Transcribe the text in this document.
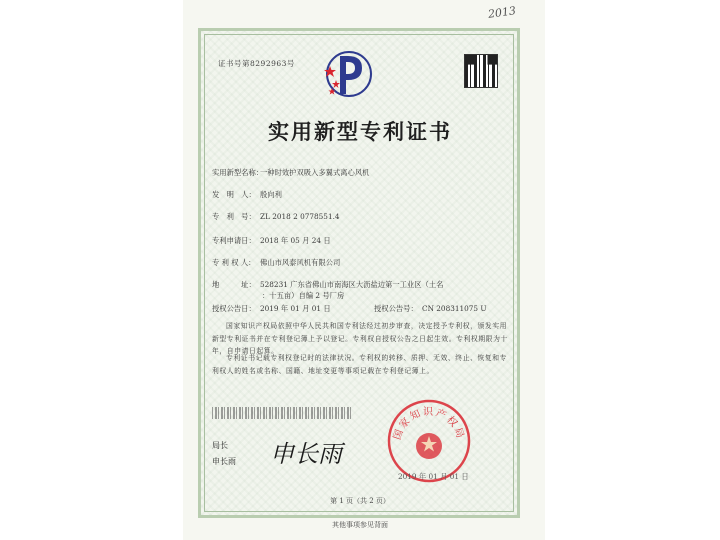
2013
证书号第8292963号
实用新型专利证书
实用新型名称：一种时效护双吸入多翼式离心风机
发　明　人： 殷向利
专　利　号： ZL 2018 2 0778551.4
专利申请日： 2018 年 05 月 24 日
专 利 权 人： 佛山市风泰风机有限公司
地　　　址： 528231 广东省佛山市南海区大沥盐边第一工业区（土名
：十五亩）自编 2 号厂房
授权公告日： 2019 年 01 月 01 日	授权公告号： CN 208311075 U
国家知识产权局依照中华人民共和国专利法经过初步审查，决定授予专利权，颁发实用新型专利证书并在专利登记簿上予以登记。专利权自授权公告之日起生效。专利权期限为十年，自申请日起算。
专利证书记载专利权登记时的法律状况。专利权的转移、质押、无效、终止、恢复和专利权人的姓名或名称、国籍、地址变更等事项记载在专利登记簿上。
局长
申长雨 申长雨
国家知识产权局
2019 年 01 月 01 日
第 1 页（共 2 页）
其他事项参见背面
